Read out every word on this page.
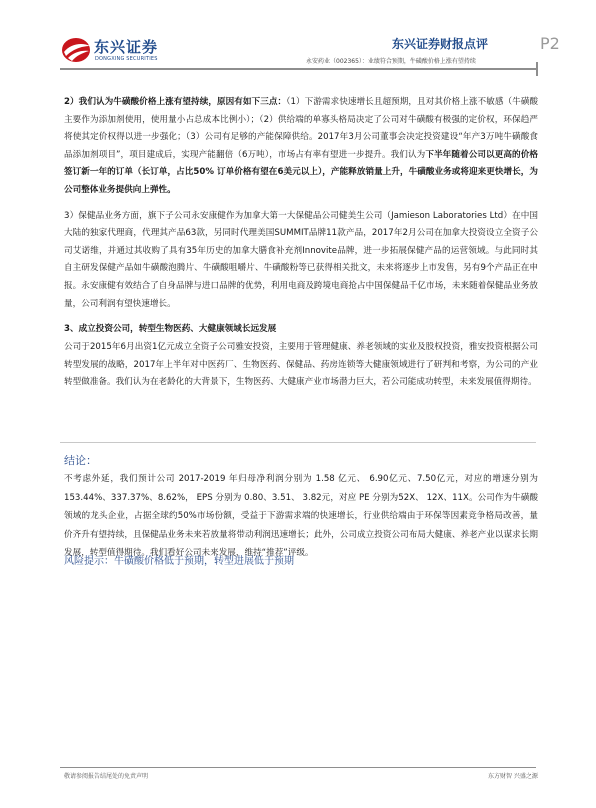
东兴证券
DONGXING SECURITIES
东兴证券财报点评	P2
永安药业（002365）：业绩符合预期，牛磺酸价格上涨有望持续

2）我们认为牛磺酸价格上涨有望持续，原因有如下三点：（1）下游需求快速增长且超预期，且对其价格上涨不敏感（牛磺酸主要作为添加剂使用，使用量小占总成本比例小）；（2）供给端的单寡头格局决定了公司对牛磺酸有极强的定价权，环保趋严将使其定价权得以进一步强化；（3）公司有足够的产能保障供给。2017年3月公司董事会决定投资建设“年产3万吨牛磺酸食品添加剂项目”，项目建成后，实现产能翻倍（6万吨），市场占有率有望进一步提升。我们认为下半年随着公司以更高的价格签订新一年的订单（长订单，占比50% 订单价格有望在6美元以上），产能释放销量上升，牛磺酸业务或将迎来更快增长，为公司整体业务提供向上弹性。

3）保健品业务方面，旗下子公司永安康健作为加拿大第一大保健品公司健美生公司（Jamieson Laboratories Ltd）在中国大陆的独家代理商，代理其产品63款，另同时代理美国SUMMIT品牌11款产品，2017年2月公司在加拿大投资设立全资子公司艾诺维，并通过其收购了具有35年历史的加拿大膳食补充剂Innovite品牌，进一步拓展保健产品的运营领域。与此同时其自主研发保健产品如牛磺酸泡腾片、牛磺酸咀嚼片、牛磺酸粉等已获得相关批文，未来将逐步上市发售，另有9个产品正在申报。永安康健有效结合了自身品牌与进口品牌的优势，利用电商及跨境电商抢占中国保健品千亿市场，未来随着保健品业务放量，公司利润有望快速增长。

3、成立投资公司，转型生物医药、大健康领域长远发展

公司于2015年6月出资1亿元成立全资子公司雅安投资，主要用于管理健康、养老领域的实业及股权投资，雅安投资根据公司转型发展的战略，2017年上半年对中医药厂、生物医药、保健品、药房连锁等大健康领域进行了研判和考察，为公司的产业转型做准备。我们认为在老龄化的大背景下，生物医药、大健康产业市场潜力巨大，若公司能成功转型，未来发展值得期待。

结论：

不考虑外延，我们预计公司 2017-2019 年归母净利润分别为 1.58 亿元、 6.90亿元、7.50亿元，对应的增速分别为153.44%、337.37%、8.62%， EPS 分别为 0.80、3.51、 3.82元，对应 PE 分别为52X、 12X、11X。公司作为牛磺酸领域的龙头企业，占据全球约50%市场份额，受益于下游需求端的快速增长，行业供给端由于环保等因素竞争格局改善，量价齐升有望持续，且保健品业务未来若放量将带动利润迅速增长；此外，公司成立投资公司布局大健康、养老产业以谋求长期发展，转型值得期待。我们看好公司未来发展，维持“推荐”评级。

风险提示：牛磺酸价格低于预期，转型进展低于预期
敬请参阅报告结尾处的免责声明	东方财智 兴盛之源
